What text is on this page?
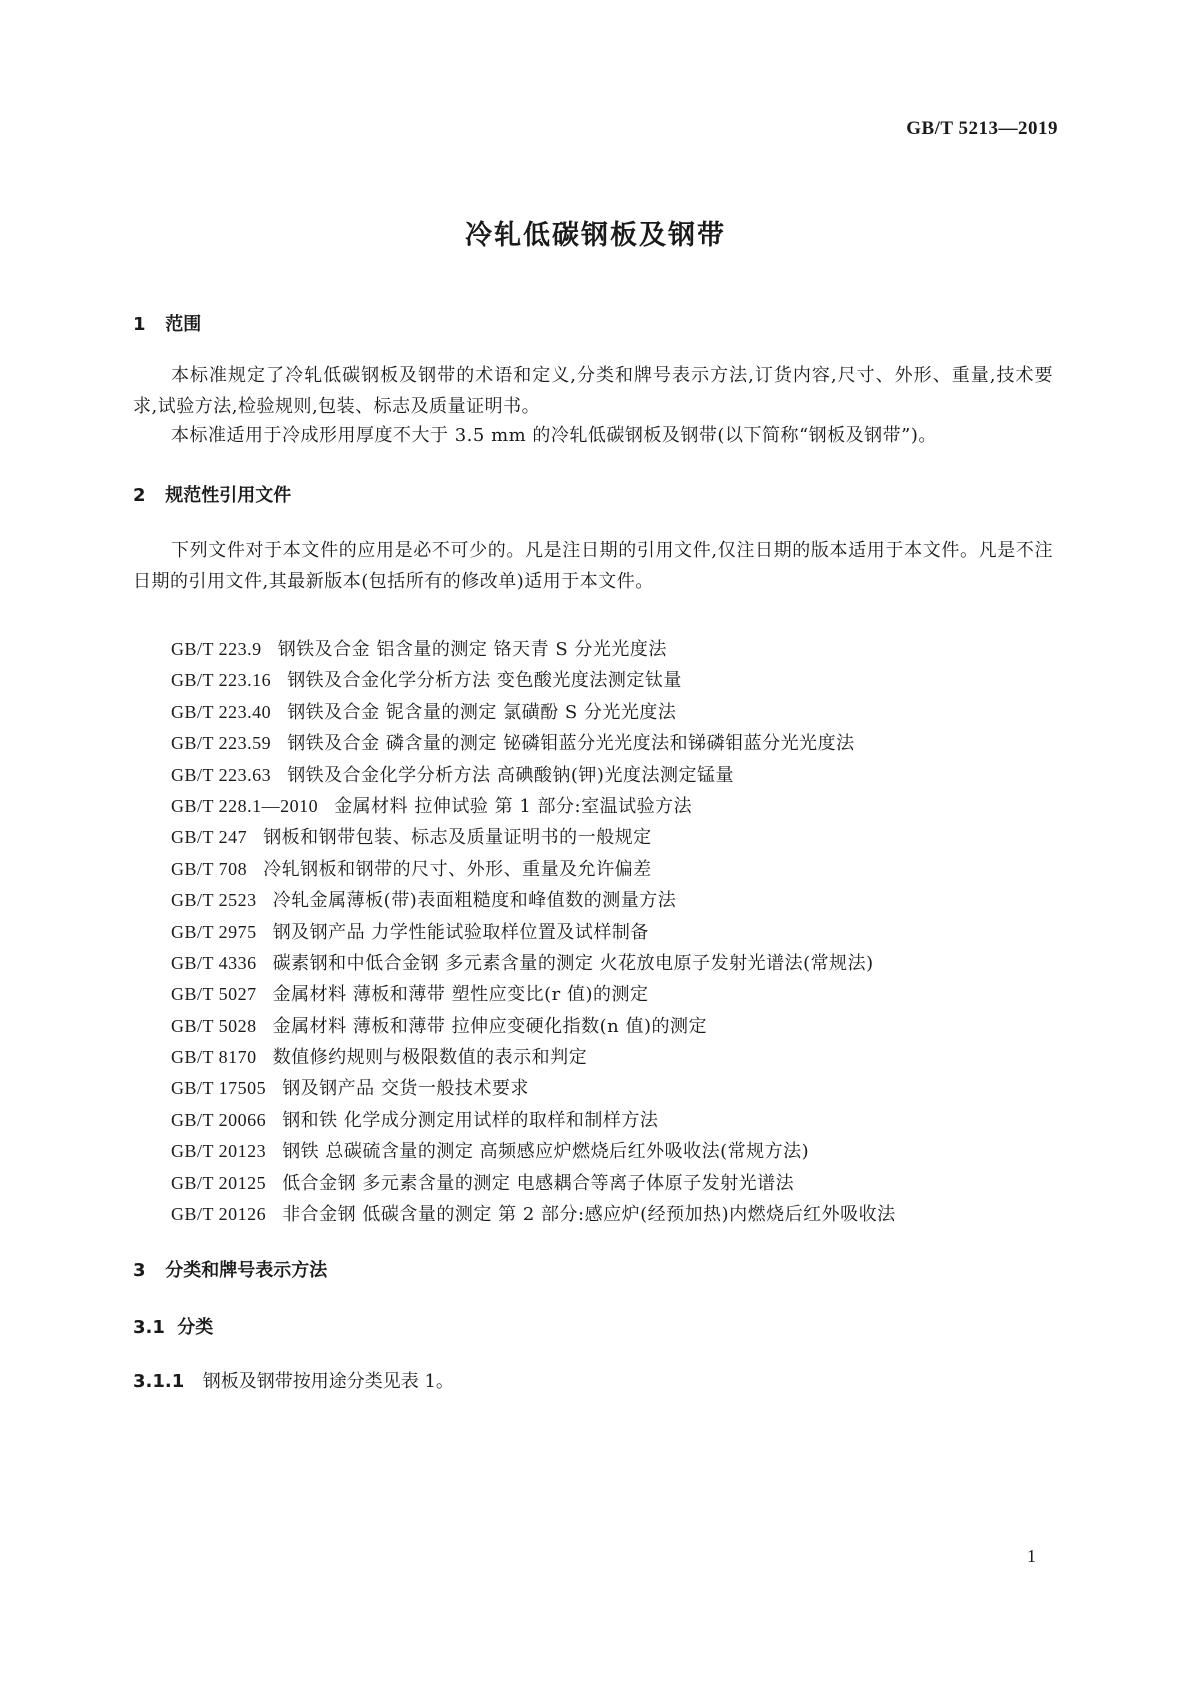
GB/T 5213—2019
冷轧低碳钢板及钢带
1 范围
本标准规定了冷轧低碳钢板及钢带的术语和定义,分类和牌号表示方法,订货内容,尺寸、外形、重量,技术要求,试验方法,检验规则,包装、标志及质量证明书。
本标准适用于冷成形用厚度不大于 3.5 mm 的冷轧低碳钢板及钢带(以下简称“钢板及钢带”)。
2 规范性引用文件
下列文件对于本文件的应用是必不可少的。凡是注日期的引用文件,仅注日期的版本适用于本文件。凡是不注日期的引用文件,其最新版本(包括所有的修改单)适用于本文件。
GB/T 223.9 钢铁及合金 铝含量的测定 铬天青 S 分光光度法
GB/T 223.16 钢铁及合金化学分析方法 变色酸光度法测定钛量
GB/T 223.40 钢铁及合金 铌含量的测定 氯磺酚 S 分光光度法
GB/T 223.59 钢铁及合金 磷含量的测定 铋磷钼蓝分光光度法和锑磷钼蓝分光光度法
GB/T 223.63 钢铁及合金化学分析方法 高碘酸钠(钾)光度法测定锰量
GB/T 228.1—2010 金属材料 拉伸试验 第 1 部分:室温试验方法
GB/T 247 钢板和钢带包装、标志及质量证明书的一般规定
GB/T 708 冷轧钢板和钢带的尺寸、外形、重量及允许偏差
GB/T 2523 冷轧金属薄板(带)表面粗糙度和峰值数的测量方法
GB/T 2975 钢及钢产品 力学性能试验取样位置及试样制备
GB/T 4336 碳素钢和中低合金钢 多元素含量的测定 火花放电原子发射光谱法(常规法)
GB/T 5027 金属材料 薄板和薄带 塑性应变比(r 值)的测定
GB/T 5028 金属材料 薄板和薄带 拉伸应变硬化指数(n 值)的测定
GB/T 8170 数值修约规则与极限数值的表示和判定
GB/T 17505 钢及钢产品 交货一般技术要求
GB/T 20066 钢和铁 化学成分测定用试样的取样和制样方法
GB/T 20123 钢铁 总碳硫含量的测定 高频感应炉燃烧后红外吸收法(常规方法)
GB/T 20125 低合金钢 多元素含量的测定 电感耦合等离子体原子发射光谱法
GB/T 20126 非合金钢 低碳含量的测定 第 2 部分:感应炉(经预加热)内燃烧后红外吸收法
3 分类和牌号表示方法
3.1 分类
3.1.1 钢板及钢带按用途分类见表 1。
1
